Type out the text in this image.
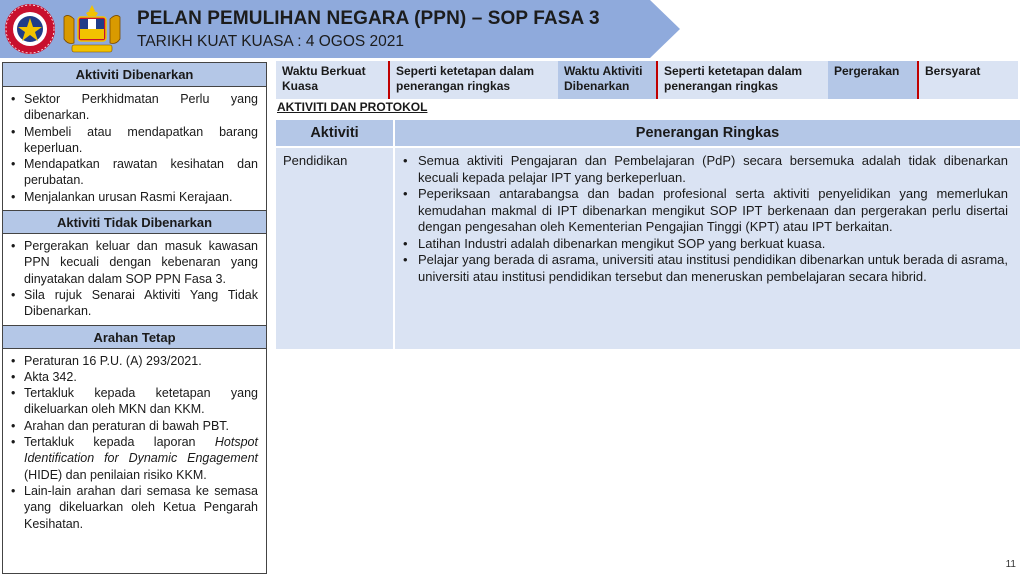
PELAN PEMULIHAN NEGARA (PPN) – SOP FASA 3
TARIKH KUAT KUASA : 4 OGOS 2021
Aktiviti Dibenarkan
• Sektor Perkhidmatan Perlu yang dibenarkan.
• Membeli atau mendapatkan barang keperluan.
• Mendapatkan rawatan kesihatan dan perubatan.
• Menjalankan urusan Rasmi Kerajaan.
Aktiviti Tidak Dibenarkan
• Pergerakan keluar dan masuk kawasan PPN kecuali dengan kebenaran yang dinyatakan dalam SOP PPN Fasa 3.
• Sila rujuk Senarai Aktiviti Yang Tidak Dibenarkan.
Arahan Tetap
• Peraturan 16 P.U. (A) 293/2021.
• Akta 342.
• Tertakluk kepada ketetapan yang dikeluarkan oleh MKN dan KKM.
• Arahan dan peraturan di bawah PBT.
• Tertakluk kepada laporan Hotspot Identification for Dynamic Engagement (HIDE) dan penilaian risiko KKM.
• Lain-lain arahan dari semasa ke semasa yang dikeluarkan oleh Ketua Pengarah Kesihatan.
Waktu Berkuat Kuasa
Seperti ketetapan dalam penerangan ringkas
Waktu Aktiviti Dibenarkan
Seperti ketetapan dalam penerangan ringkas
Pergerakan	Bersyarat
AKTIVITI DAN PROTOKOL
Aktiviti	Penerangan Ringkas
Pendidikan
•	Semua aktiviti Pengajaran dan Pembelajaran (PdP) secara bersemuka adalah tidak dibenarkan kecuali kepada pelajar IPT yang berkeperluan.
• Peperiksaan antarabangsa dan badan profesional serta aktiviti penyelidikan yang memerlukan kemudahan makmal di IPT dibenarkan mengikut SOP IPT berkenaan dan pergerakan perlu disertai dengan pengesahan oleh Kementerian Pengajian Tinggi (KPT) atau IPT berkaitan.
• Latihan Industri adalah dibenarkan mengikut SOP yang berkuat kuasa.
• Pelajar yang berada di asrama, universiti atau institusi pendidikan dibenarkan untuk berada di asrama, universiti atau institusi pendidikan tersebut dan meneruskan pembelajaran secara hibrid.
11
